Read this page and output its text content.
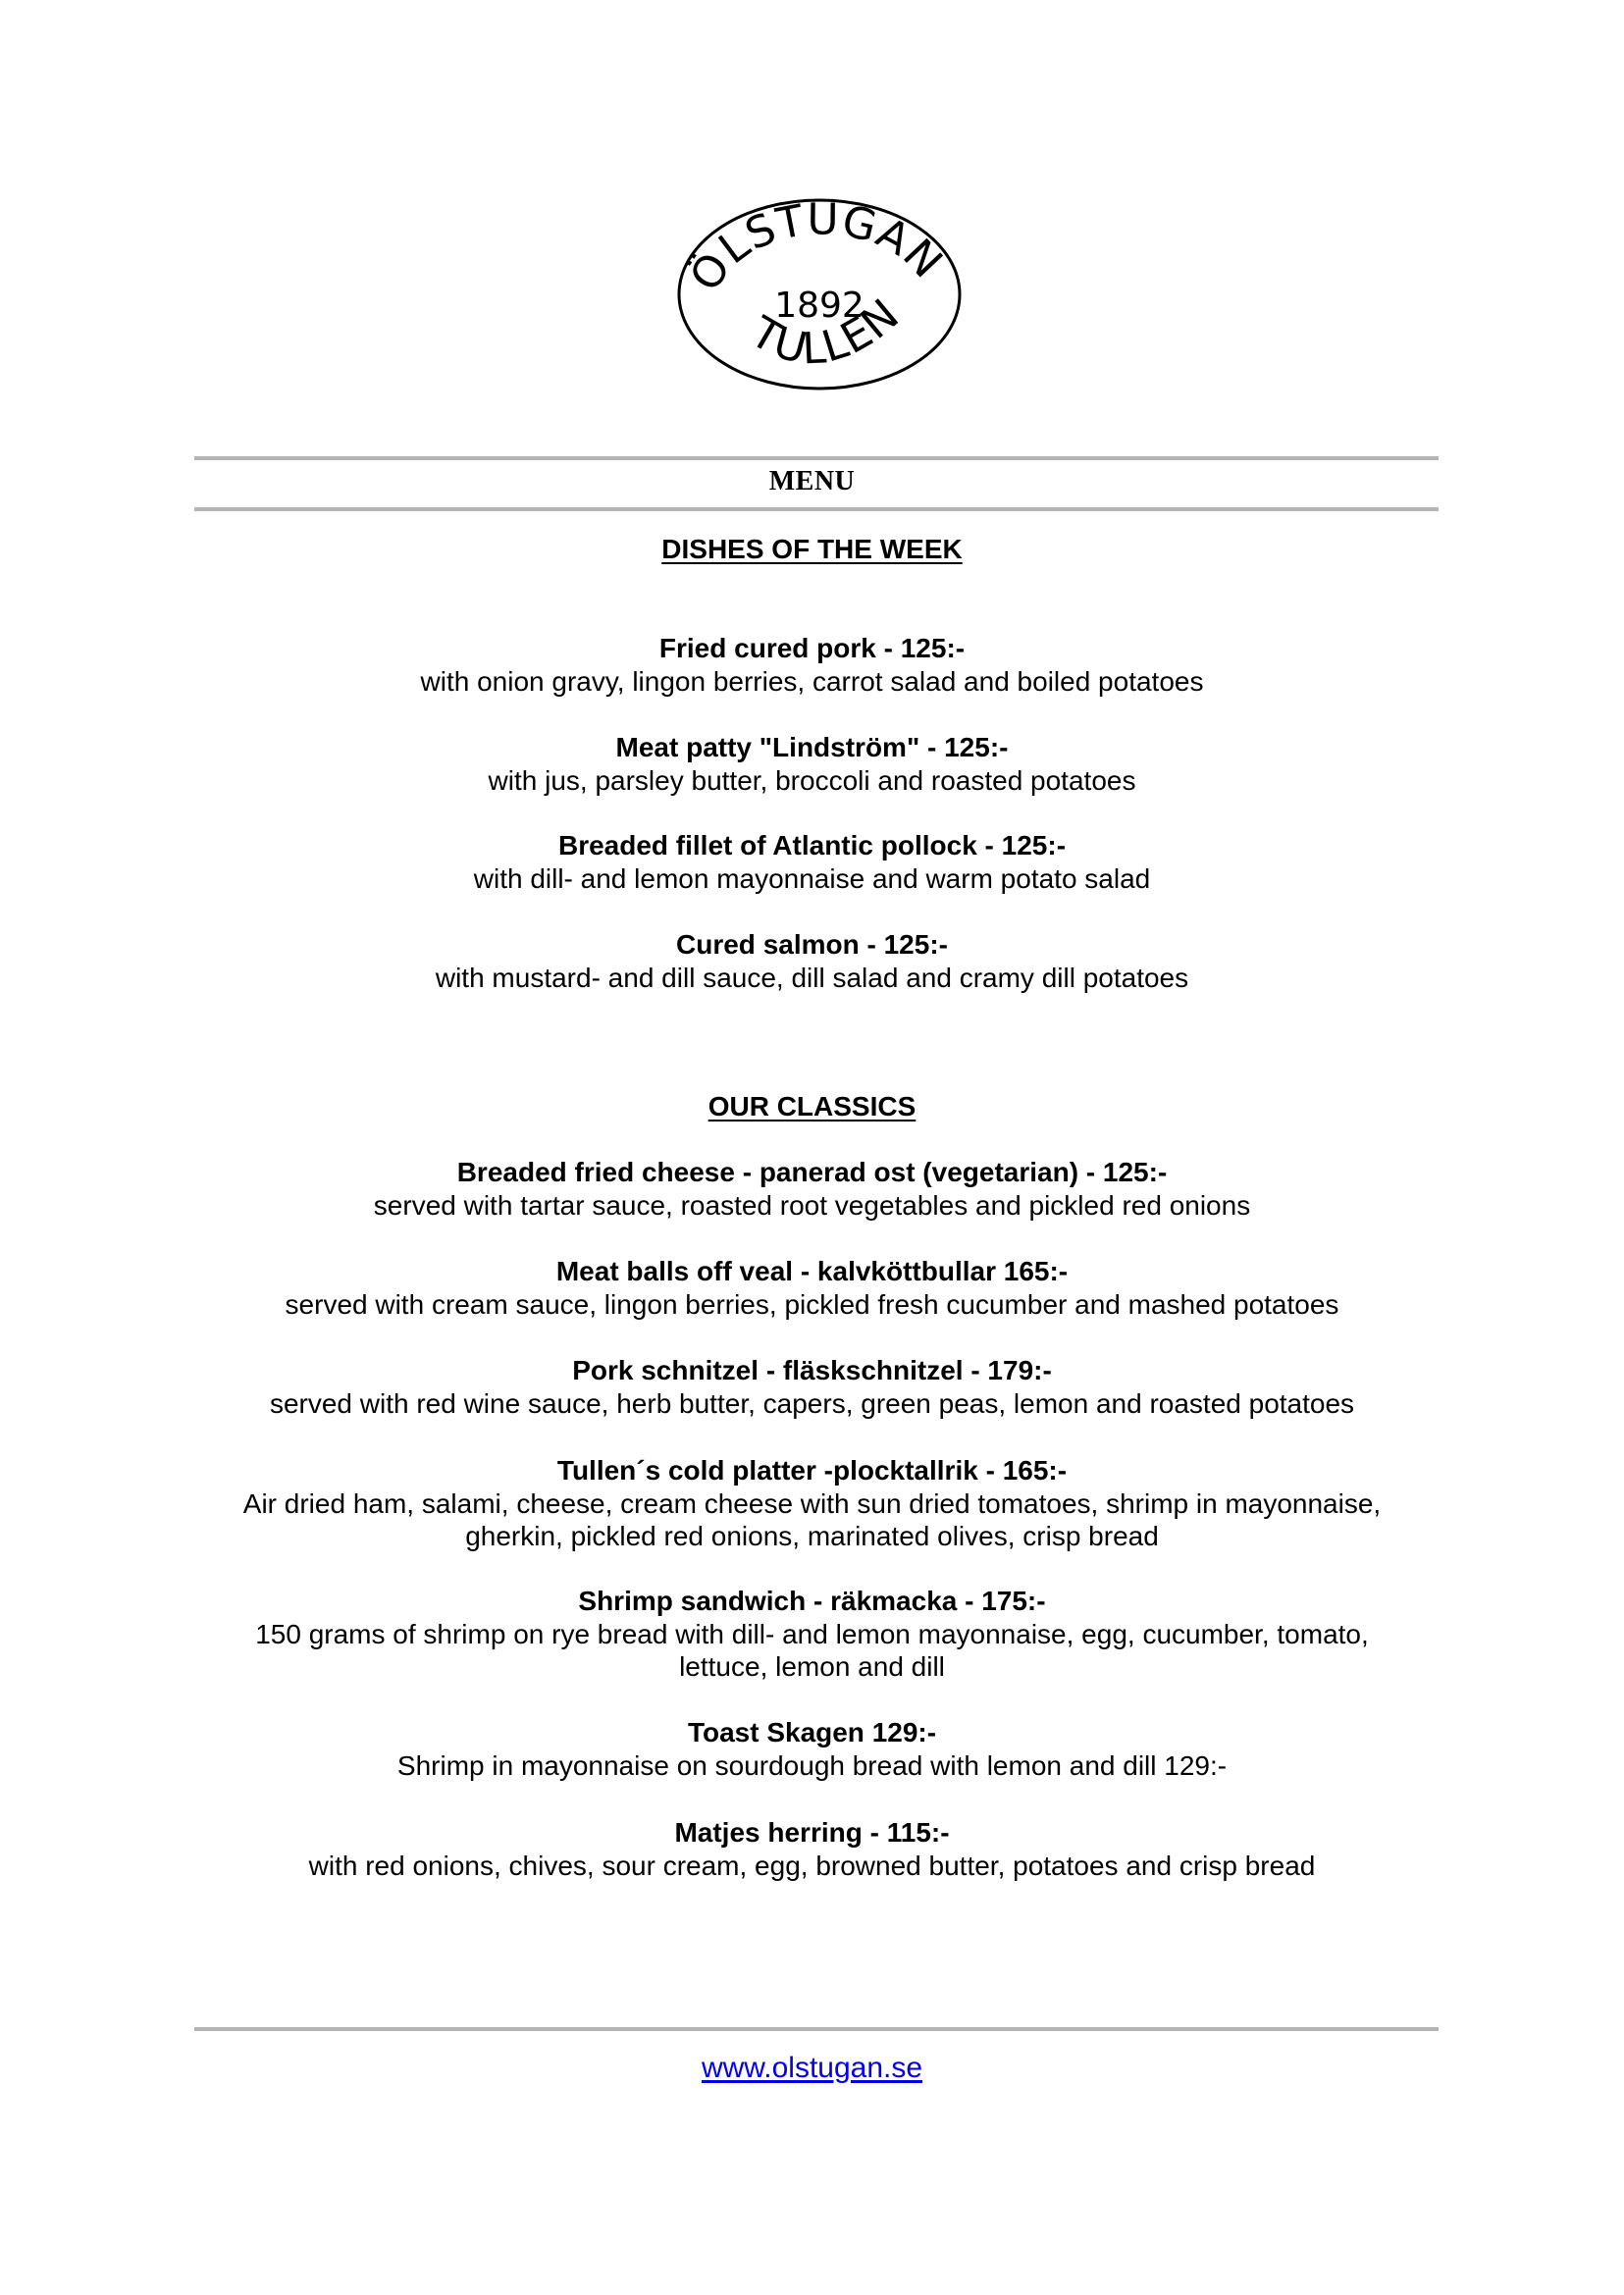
ÖLSTUGAN
1892
TULLEN
MENU
DISHES OF THE WEEK
Fried cured pork - 125:-
with onion gravy, lingon berries, carrot salad and boiled potatoes
Meat patty "Lindström" - 125:-
with jus, parsley butter, broccoli and roasted potatoes
Breaded fillet of Atlantic pollock - 125:-
with dill- and lemon mayonnaise and warm potato salad
Cured salmon - 125:-
with mustard- and dill sauce, dill salad and cramy dill potatoes
OUR CLASSICS
Breaded fried cheese - panerad ost (vegetarian) - 125:-
served with tartar sauce, roasted root vegetables and pickled red onions
Meat balls off veal - kalvköttbullar 165:-
served with cream sauce, lingon berries, pickled fresh cucumber and mashed potatoes
Pork schnitzel - fläskschnitzel - 179:-
served with red wine sauce, herb butter, capers, green peas, lemon and roasted potatoes
Tullen´s cold platter -plocktallrik - 165:-
Air dried ham, salami, cheese, cream cheese with sun dried tomatoes, shrimp in mayonnaise,
gherkin, pickled red onions, marinated olives, crisp bread
Shrimp sandwich - räkmacka - 175:-
150 grams of shrimp on rye bread with dill- and lemon mayonnaise, egg, cucumber, tomato,
lettuce, lemon and dill
Toast Skagen 129:-
Shrimp in mayonnaise on sourdough bread with lemon and dill 129:-
Matjes herring - 115:-
with red onions, chives, sour cream, egg, browned butter, potatoes and crisp bread
www.olstugan.se
